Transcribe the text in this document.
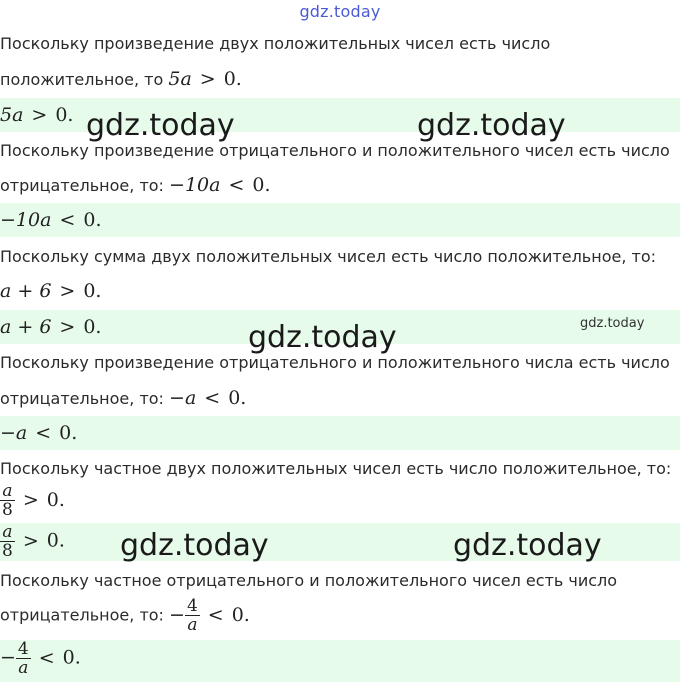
gdz.today
Поскольку произведение двух положительных чисел есть число
положительное, то 5a > 0.
5a > 0. gdz.today	gdz.today
Поскольку произведение отрицательного и положительного чисел есть число
отрицательное, то: −10a < 0.
−10a < 0.
Поскольку сумма двух положительных чисел есть число положительное, то:
a + 6 > 0.
a + 6 > 0.	gdz.today	gdz.today
Поскольку произведение отрицательного и положительного числа есть число
отрицательное, то: −a < 0.
−a < 0.
Поскольку частное двух положительных чисел есть число положительное, то:
$\frac{a}{8} > 0$.
$\frac{a}{8} > 0$. gdz.today	gdz.today
Поскольку частное отрицательного и положительного чисел есть число
отрицательное, то: − $\frac{4}{a} < 0$.
− $\frac{4}{a} < 0$.
